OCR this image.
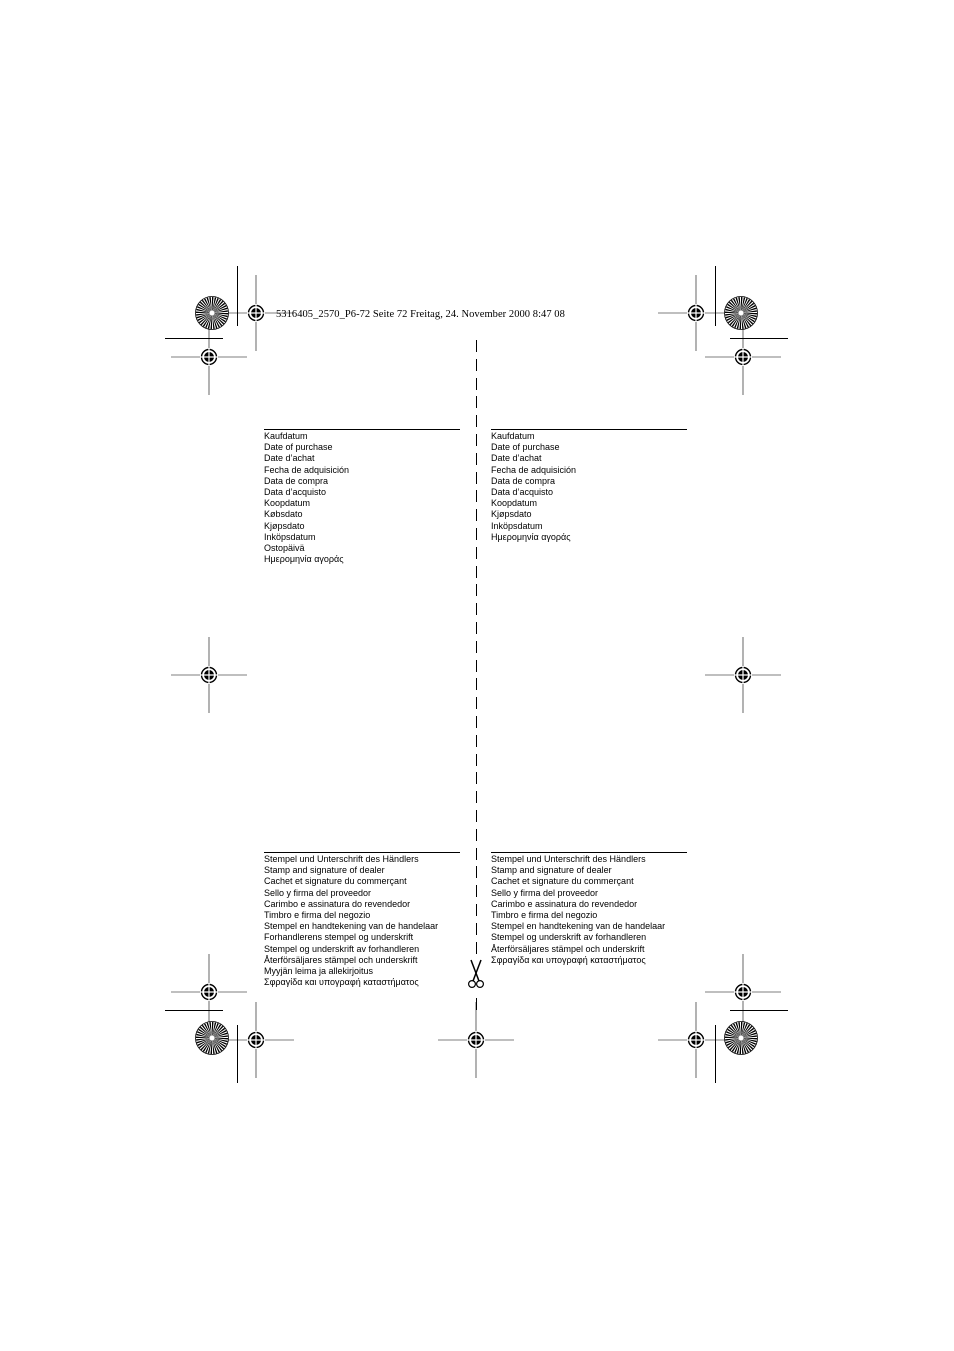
5316405_2570_P6-72 Seite 72 Freitag, 24. November 2000 8:47 08
Kaufdatum
Date of purchase
Date d’achat
Fecha de adquisición
Data de compra
Data d’acquisto
Koopdatum
Købsdato
Kjøpsdato
Inköpsdatum
Ostopäivä
Ημερομηνία αγοράς
Kaufdatum
Date of purchase
Date d’achat
Fecha de adquisición
Data de compra
Data d’acquisto
Koopdatum
Kjøpsdato
Inköpsdatum
Ημερομηνία αγοράς
Stempel und Unterschrift des Händlers
Stamp and signature of dealer
Cachet et signature du commerçant
Sello y firma del proveedor
Carimbo e assinatura do revendedor
Timbro e firma del negozio
Stempel en handtekening van de handelaar
Forhandlerens stempel og underskrift
Stempel og underskrift av forhandleren
Återförsäljares stämpel och underskrift
Myyjän leima ja allekirjoitus
Σφραγίδα και υπογραφή καταστήματος
Stempel und Unterschrift des Händlers
Stamp and signature of dealer
Cachet et signature du commerçant
Sello y firma del proveedor
Carimbo e assinatura do revendedor
Timbro e firma del negozio
Stempel en handtekening van de handelaar
Stempel og underskrift av forhandleren
Återförsäljares stämpel och underskrift
Σφραγίδα και υπογραφή καταστήματος
